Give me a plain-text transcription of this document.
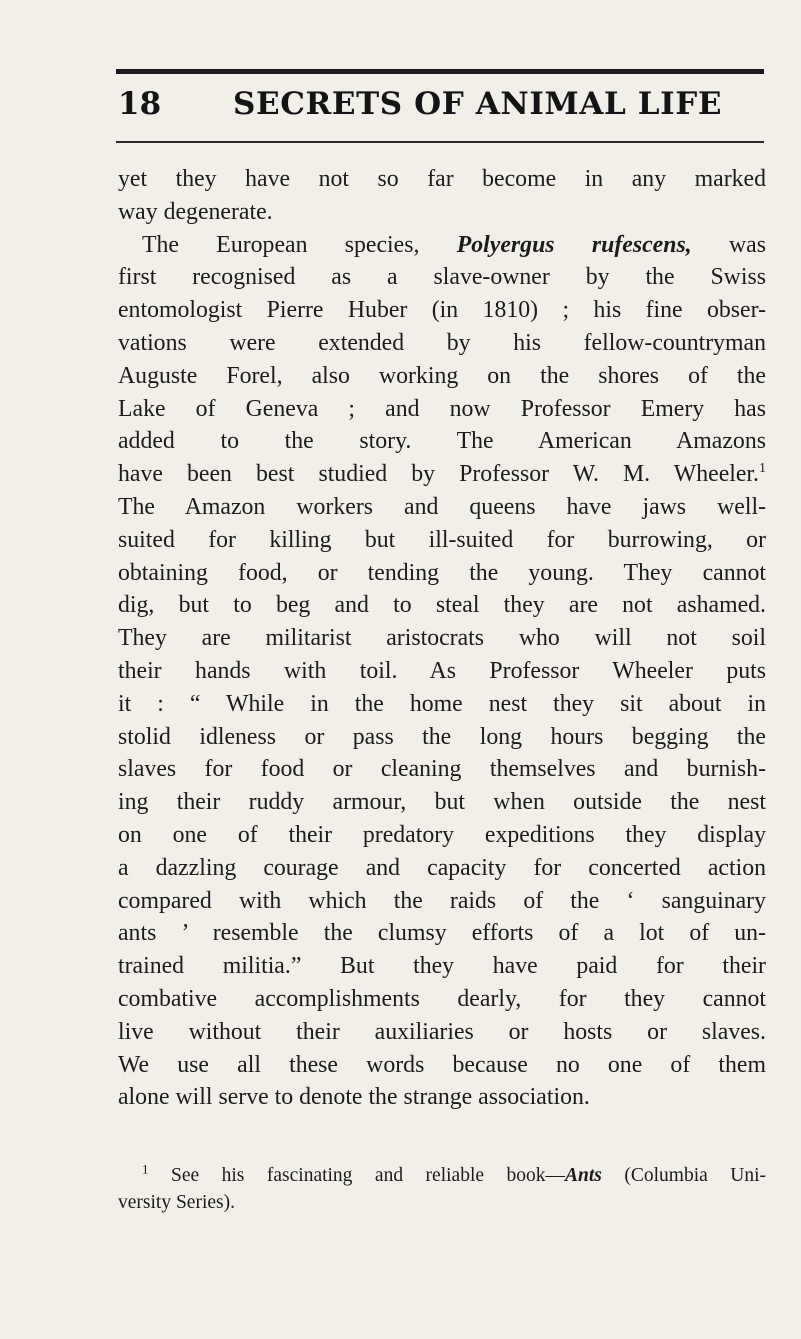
18 SECRETS OF ANIMAL LIFE
yet they have not so far become in any marked
way degenerate.
The European species, Polyergus rufescens, was
first recognised as a slave-owner by the Swiss
entomologist Pierre Huber (in 1810) ; his fine obser-
vations were extended by his fellow-countryman
Auguste Forel, also working on the shores of the
Lake of Geneva ; and now Professor Emery has
added to the story. The American Amazons
have been best studied by Professor W. M. Wheeler.$^1$
The Amazon workers and queens have jaws well-
suited for killing but ill-suited for burrowing, or
obtaining food, or tending the young. They cannot
dig, but to beg and to steal they are not ashamed.
They are militarist aristocrats who will not soil
their hands with toil. As Professor Wheeler puts
it : “ While in the home nest they sit about in
stolid idleness or pass the long hours begging the
slaves for food or cleaning themselves and burnish-
ing their ruddy armour, but when outside the nest
on one of their predatory expeditions they display
a dazzling courage and capacity for concerted action
compared with which the raids of the ‘ sanguinary
ants ’ resemble the clumsy efforts of a lot of un-
trained militia.” But they have paid for their
combative accomplishments dearly, for they cannot
live without their auxiliaries or hosts or slaves.
We use all these words because no one of them
alone will serve to denote the strange association.
$^1$ See his fascinating and reliable book—Ants (Columbia Uni-
versity Series).
